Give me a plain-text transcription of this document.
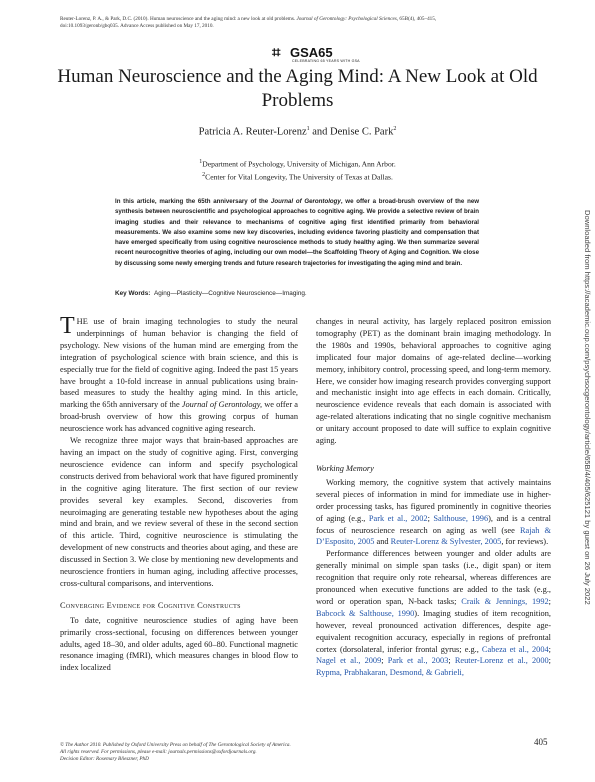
Reuter-Lorenz, P. A., & Park, D.C. (2010). Human neuroscience and the aging mind: a new look at old problems. Journal of Gerontology: Psychological Sciences, 65B(4), 405–415,
doi:10.1093/geronb/gbq035. Advance Access published on May 17, 2010.
⌗ GSA65
CELEBRATING 65 YEARS WITH GSA
Human Neuroscience and the Aging Mind: A New Look at Old Problems
Patricia A. Reuter-Lorenz$^1$ and Denise C. Park$^2$
$^1$Department of Psychology, University of Michigan, Ann Arbor.
$^2$Center for Vital Longevity, The University of Texas at Dallas.
In this article, marking the 65th anniversary of the Journal of Gerontology, we offer a broad-brush overview of the new synthesis between neuroscientific and psychological approaches to cognitive aging. We provide a selective review of brain imaging studies and their relevance to mechanisms of cognitive aging first identified primarily from behavioral measurements. We also examine some new key discoveries, including evidence favoring plasticity and compensation that have emerged specifically from using cognitive neuroscience methods to study healthy aging. We then summarize several recent neurocognitive theories of aging, including our own model—the Scaffolding Theory of Aging and Cognition. We close by discussing some newly emerging trends and future research trajectories for investigating the aging mind and brain.
Key Words: Aging—Plasticity—Cognitive Neuroscience—Imaging.

THE use of brain imaging technologies to study the neural underpinnings of human behavior is changing the field of psychology. New visions of the human mind are emerging from the integration of psychological science with brain science, and this is especially true for the field of cognitive aging. Indeed the past 15 years have brought a 10-fold increase in annual publications using brain-based measures to study the healthy aging mind. In this article, marking the 65th anniversary of the Journal of Gerontology, we offer a broad-brush overview of how this growing corpus of human neuroscience work has advanced cognitive aging research.

We recognize three major ways that brain-based approaches are having an impact on the study of cognitive aging. First, converging neuroscience evidence can inform and specify psychological constructs derived from behavioral work that have figured prominently in the cognitive aging literature. The first section of our review provides several key examples. Second, discoveries from neuroimaging are generating testable new hypotheses about the aging mind and brain, and we review several of these in the second section of this article. Third, cognitive neuroscience is stimulating the development of new constructs and theories about aging, and these are discussed in Section 3. We close by mentioning new developments and neuroscience frontiers in human aging, including affective processes, cross-cultural comparisons, and interventions.

Converging Evidence for Cognitive Constructs

To date, cognitive neuroscience studies of aging have been primarily cross-sectional, focusing on differences between younger adults, aged 18–30, and older adults, aged 60–80. Functional magnetic resonance imaging (fMRI), which measures changes in blood flow to index localized

changes in neural activity, has largely replaced positron emission tomography (PET) as the dominant brain imaging methodology. In the 1980s and 1990s, behavioral approaches to cognitive aging implicated four major domains of age-related decline—working memory, inhibitory control, processing speed, and long-term memory. Here, we consider how imaging research provides converging support and mechanistic insight into age effects in each domain. Critically, neuroscience evidence reveals that each domain is associated with age-related alterations indicating that no single cognitive mechanism or unitary account proposed to date will suffice to explain cognitive aging.

Working Memory

Working memory, the cognitive system that actively maintains several pieces of information in mind for immediate use in higher-order processing tasks, has figured prominently in cognitive theories of aging (e.g., Park et al., 2002; Salthouse, 1996), and is a central focus of neuroscience research on aging as well (see Rajah & D’Esposito, 2005 and Reuter-Lorenz & Sylvester, 2005, for reviews).

Performance differences between younger and older adults are generally minimal on simple span tasks (i.e., digit span) or item recognition that require only rote rehearsal, whereas differences are pronounced when executive functions are added to the task (e.g., word or operation span, N-back tasks; Craik & Jennings, 1992; Babcock & Salthouse, 1990). Imaging studies of item recognition, however, reveal pronounced activation differences, despite age-equivalent recognition accuracy, especially in regions of prefrontal cortex (dorsolateral, inferior frontal gyrus; e.g., Cabeza et al., 2004; Nagel et al., 2009; Park et al., 2003; Reuter-Lorenz et al., 2000; Rypma, Prabhakaran, Desmond, & Gabrieli,

Downloaded from https://academic.oup.com/psychsocgerontology/article/65B/4/405/625121 by guest on 26 July 2022
© The Author 2010. Published by Oxford University Press on behalf of The Gerontological Society of America.
All rights reserved. For permissions, please e-mail: journals.permissions@oxfordjournals.org.
Decision Editor: Rosemary Blieszner, PhD
405
